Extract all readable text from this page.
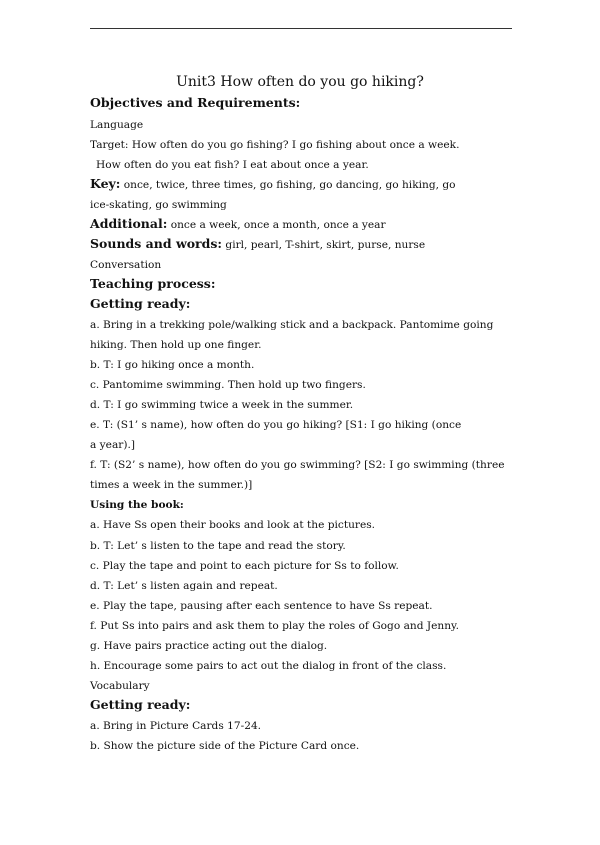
Unit3 How often do you go hiking?
Objectives and Requirements:
Language
Target: How often do you go fishing? I go fishing about once a week.
How often do you eat fish? I eat about once a year.
Key: once, twice, three times, go fishing, go dancing, go hiking, go
ice-skating, go swimming
Additional: once a week, once a month, once a year
Sounds and words: girl, pearl, T-shirt, skirt, purse, nurse
Conversation
Teaching process:
Getting ready:
a. Bring in a trekking pole/walking stick and a backpack. Pantomime going
hiking. Then hold up one finger.
b. T: I go hiking once a month.
c. Pantomime swimming. Then hold up two fingers.
d. T: I go swimming twice a week in the summer.
e. T: (S1’ s name), how often do you go hiking? [S1: I go hiking (once
a year).]
f. T: (S2’ s name), how often do you go swimming? [S2: I go swimming (three
times a week in the summer.)]
Using the book:
a. Have Ss open their books and look at the pictures.
b. T: Let’ s listen to the tape and read the story.
c. Play the tape and point to each picture for Ss to follow.
d. T: Let’ s listen again and repeat.
e. Play the tape, pausing after each sentence to have Ss repeat.
f. Put Ss into pairs and ask them to play the roles of Gogo and Jenny.
g. Have pairs practice acting out the dialog.
h. Encourage some pairs to act out the dialog in front of the class.
Vocabulary
Getting ready:
a. Bring in Picture Cards 17-24.
b. Show the picture side of the Picture Card once.
